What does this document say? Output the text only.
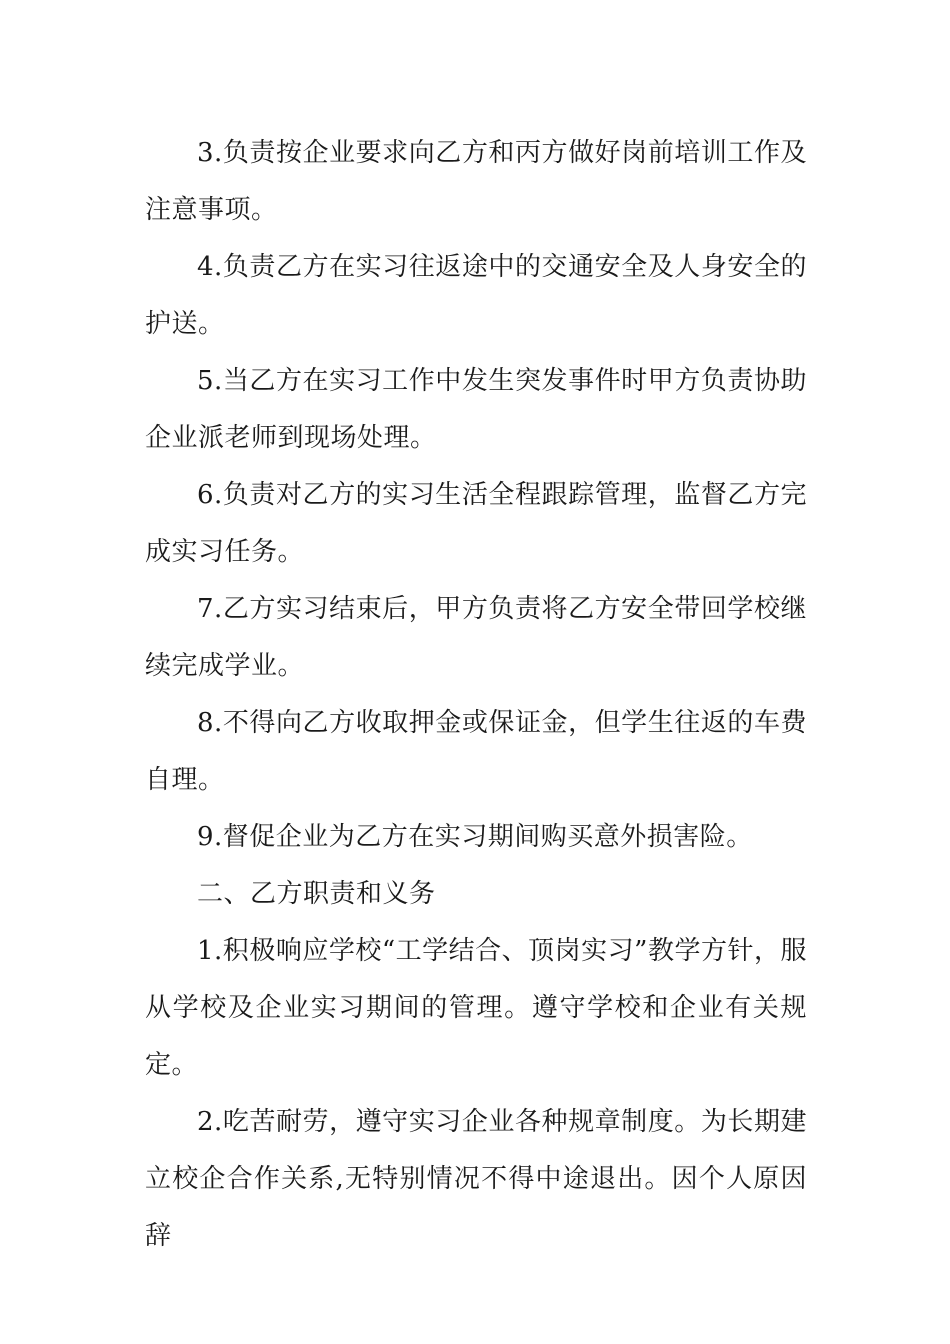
3.负责按企业要求向乙方和丙方做好岗前培训工作及注意事项。

4.负责乙方在实习往返途中的交通安全及人身安全的护送。

5.当乙方在实习工作中发生突发事件时甲方负责协助企业派老师到现场处理。

6.负责对乙方的实习生活全程跟踪管理，监督乙方完成实习任务。

7.乙方实习结束后，甲方负责将乙方安全带回学校继续完成学业。

8.不得向乙方收取押金或保证金，但学生往返的车费自理。

9.督促企业为乙方在实习期间购买意外损害险。

二、乙方职责和义务

1.积极响应学校“工学结合、顶岗实习”教学方针，服从学校及企业实习期间的管理。遵守学校和企业有关规定。

2.吃苦耐劳，遵守实习企业各种规章制度。为长期建立校企合作关系,无特别情况不得中途退出。因个人原因辞
